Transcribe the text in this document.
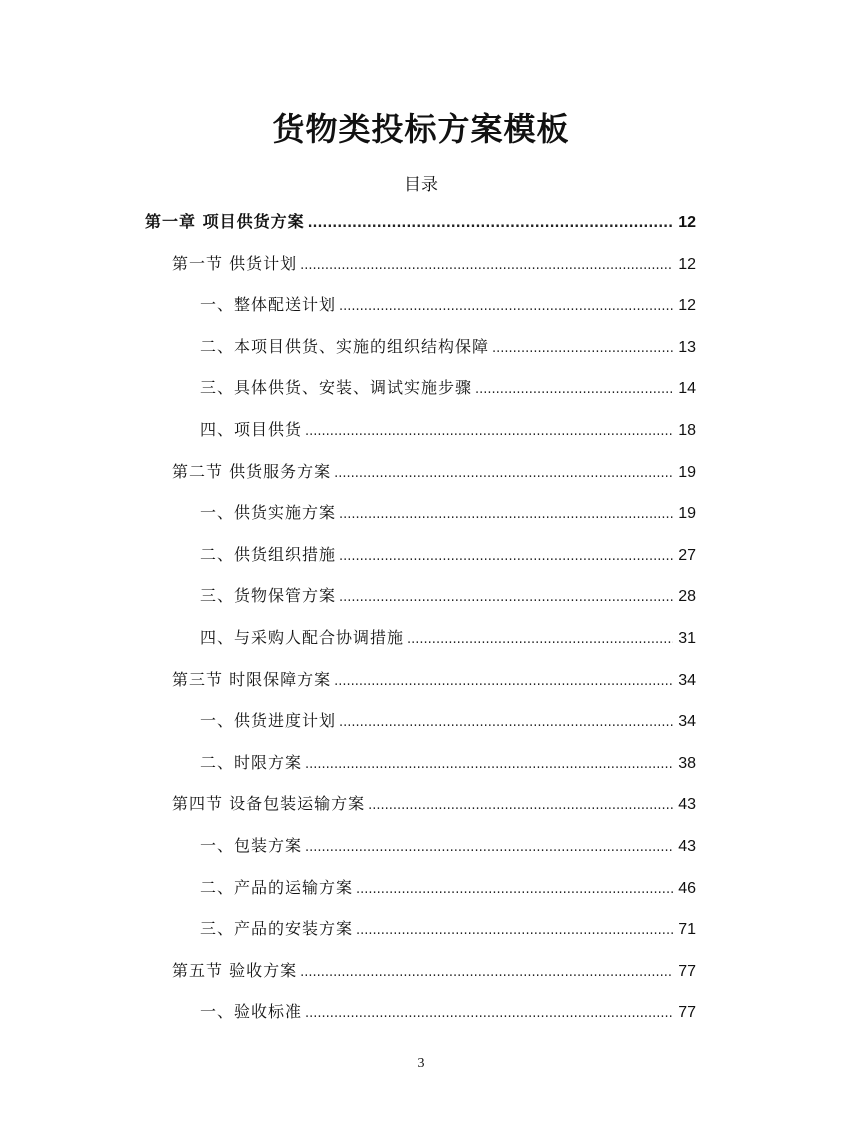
货物类投标方案模板
目录
第一章 项目供货方案 .....	12
第一节 供货计划 .....	12
一、整体配送计划 .....	12
二、本项目供货、实施的组织结构保障 .....	13
三、具体供货、安装、调试实施步骤 .....	14
四、项目供货 .....	18
第二节 供货服务方案 .....	19
一、供货实施方案 .....	19
二、供货组织措施 .....	27
三、货物保管方案 .....	28
四、与采购人配合协调措施 .....	31
第三节 时限保障方案 .....	34
一、供货进度计划 .....	34
二、时限方案 .....	38
第四节 设备包装运输方案 .....	43
一、包装方案 .....	43
二、产品的运输方案 .....	46
三、产品的安装方案 .....	71
第五节 验收方案 .....	77
一、验收标准 .....	77
3
